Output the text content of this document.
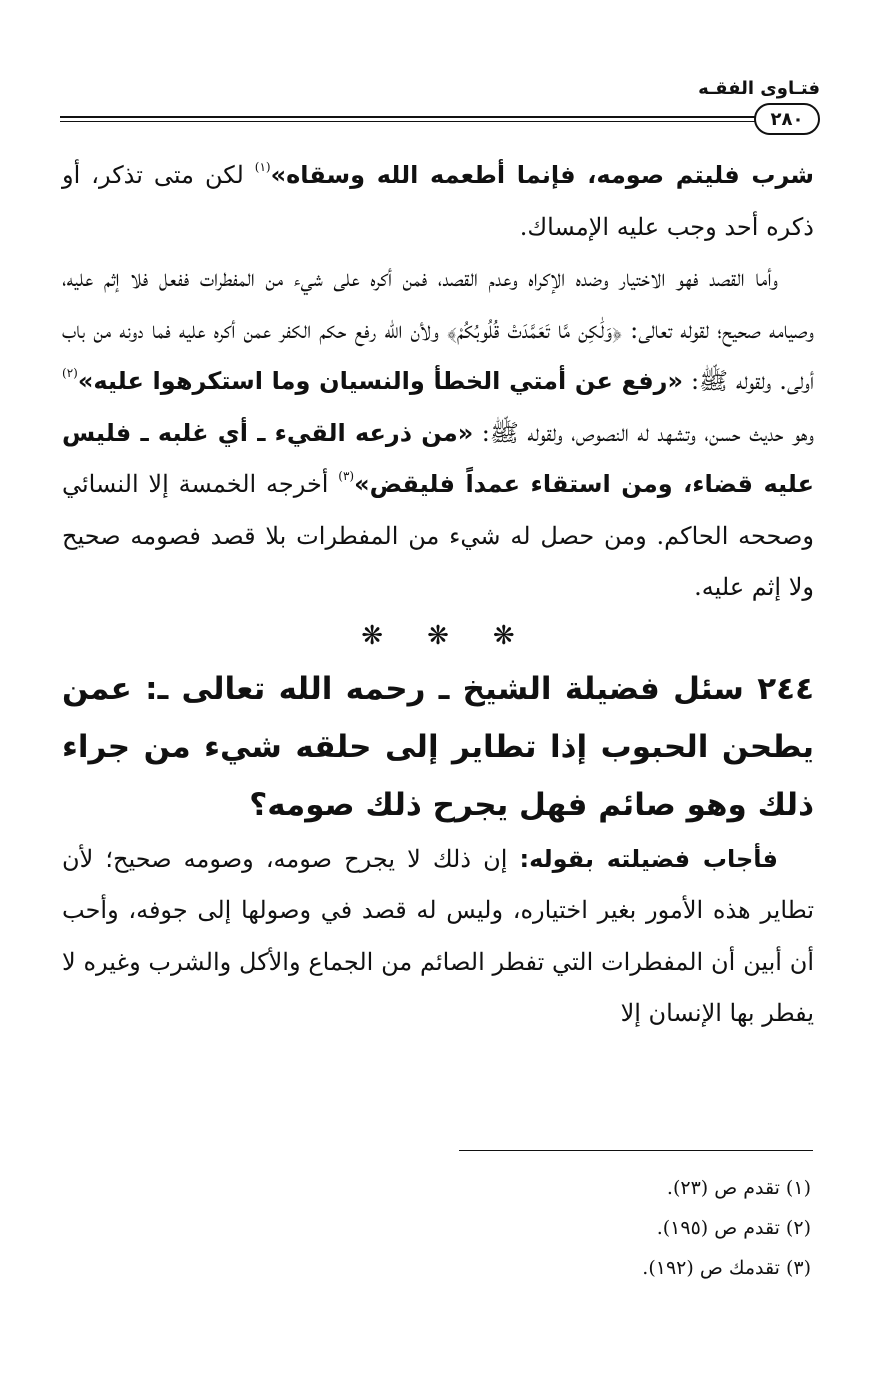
فتـاوى الفقـه
٢٨٠

شرب فليتم صومه، فإنما أطعمه الله وسقاه»$^{(١)}$ لكن متى تذكر، أو ذكره أحد وجب عليه الإمساك.

وأما القصد فهو الاختيار وضده الإكراه وعدم القصد، فمن أكره على شيء من المفطرات ففعل فلا إثم عليه، وصيامه صحيح؛ لقوله تعالى: ﴿وَلَٰكِن مَّا تَعَمَّدَتْ قُلُوبُكُمْ﴾ ولأن الله رفع حكم الكفر عمن أكره عليه فما دونه من باب أولى. ولقوله ﷺ: «رفع عن أمتي الخطأ والنسيان وما استكرهوا عليه»$^{(٢)}$ وهو حديث حسن، وتشهد له النصوص، ولقوله ﷺ: «من ذرعه القيء ـ أي غلبه ـ فليس عليه قضاء، ومن استقاء عمداً فليقض»$^{(٣)}$ أخرجه الخمسة إلا النسائي وصححه الحاكم. ومن حصل له شيء من المفطرات بلا قصد فصومه صحيح ولا إثم عليه.

❋ ❋ ❋

٢٤٤ سئل فضيلة الشيخ ـ رحمه الله تعالى ـ: عمن يطحن الحبوب إذا تطاير إلى حلقه شيء من جراء ذلك وهو صائم فهل يجرح ذلك صومه؟

فأجاب فضيلته بقوله: إن ذلك لا يجرح صومه، وصومه صحيح؛ لأن تطاير هذه الأمور بغير اختياره، وليس له قصد في وصولها إلى جوفه، وأحب أن أبين أن المفطرات التي تفطر الصائم من الجماع والأكل والشرب وغيره لا يفطر بها الإنسان إلا

(١) تقدم ص (٢٣).
(٢) تقدم ص (١٩٥).
(٣) تقدمك ص (١٩٢).
